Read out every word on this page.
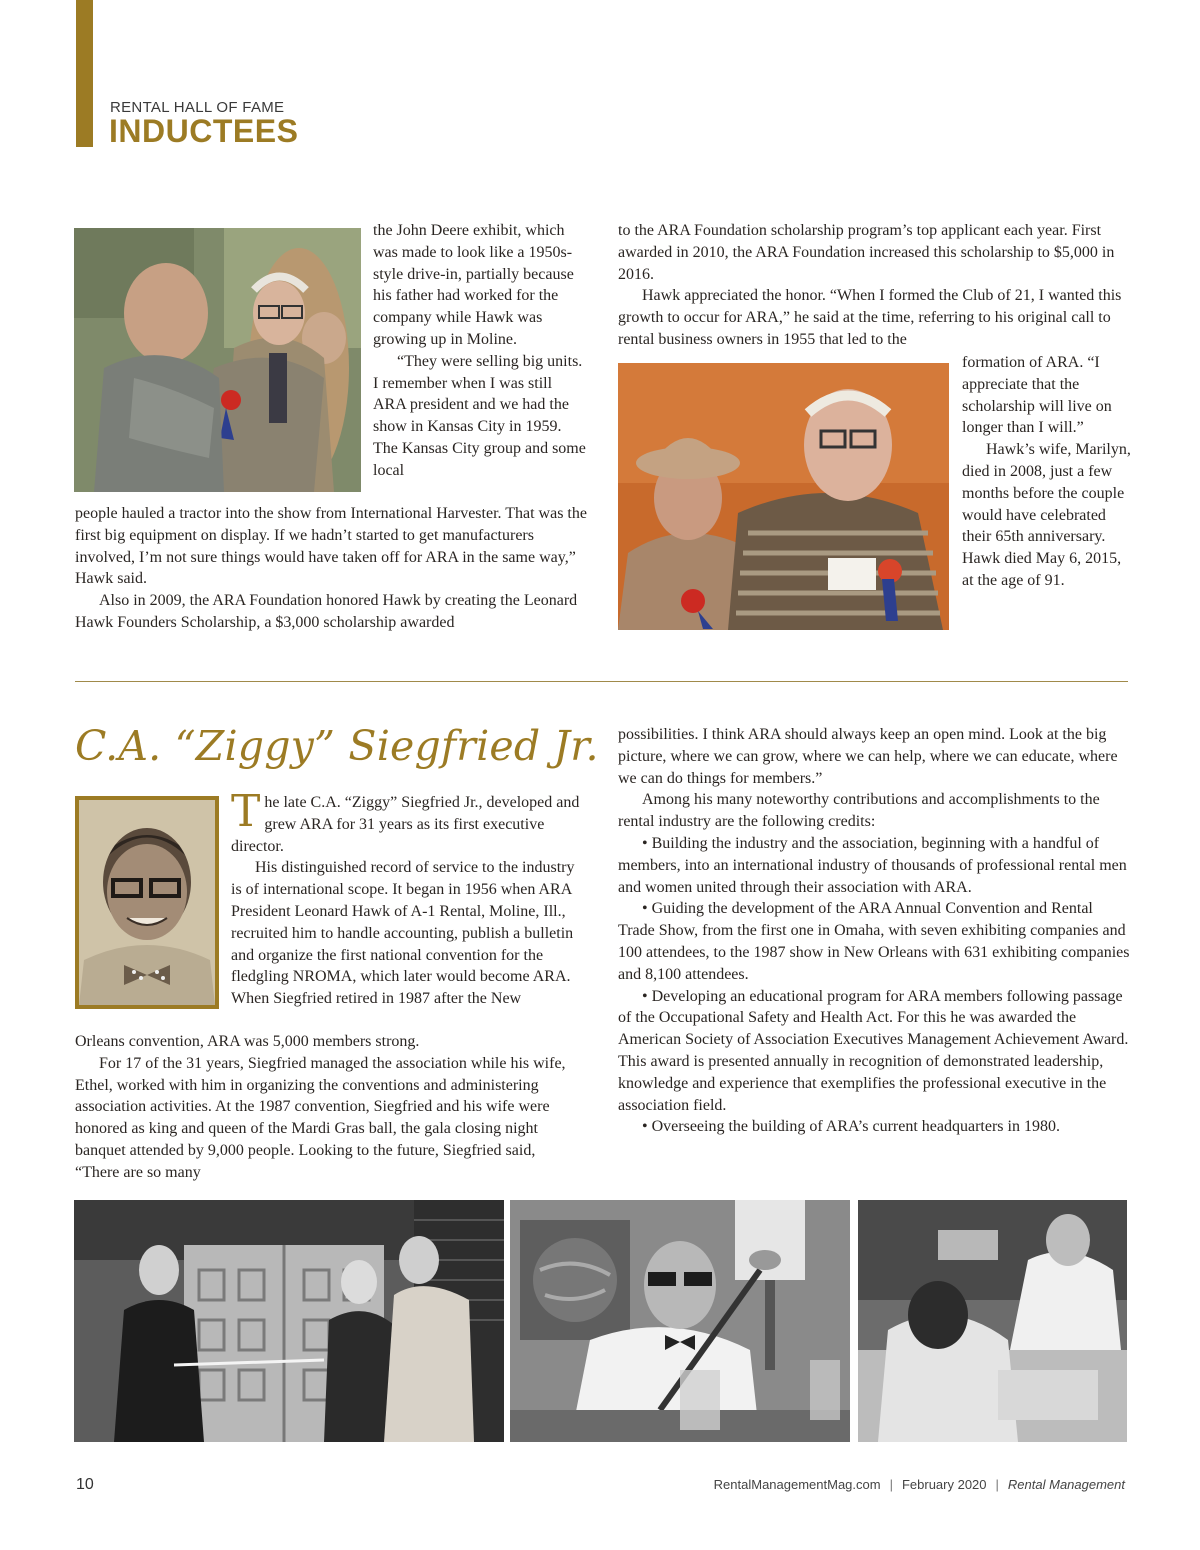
RENTAL HALL OF FAME
INDUCTEES

the John Deere exhibit, which was made to look like a 1950s-style drive-in, partially because his father had worked for the company while Hawk was growing up in Moline.

“They were selling big units. I remember when I was still ARA president and we had the show in Kansas City in 1959. The Kansas City group and some local

people hauled a tractor into the show from International Harvester. That was the first big equipment on display. If we hadn’t started to get manufacturers involved, I’m not sure things would have taken off for ARA in the same way,” Hawk said.

Also in 2009, the ARA Foundation honored Hawk by creating the Leonard Hawk Founders Scholarship, a $3,000 scholarship awarded

to the ARA Foundation scholarship program’s top applicant each year. First awarded in 2010, the ARA Foundation increased this scholarship to $5,000 in 2016.

Hawk appreciated the honor. “When I formed the Club of 21, I wanted this growth to occur for ARA,” he said at the time, referring to his original call to rental business owners in 1955 that led to the

formation of ARA. “I appreciate that the scholarship will live on longer than I will.”

Hawk’s wife, Marilyn, died in 2008, just a few months before the couple would have celebrated their 65th anniversary. Hawk died May 6, 2015, at the age of 91.

C.A. “Ziggy” Siegfried Jr.

The late C.A. “Ziggy” Siegfried Jr., developed and grew ARA for 31 years as its first executive director.

His distinguished record of service to the industry is of international scope. It began in 1956 when ARA President Leonard Hawk of A-1 Rental, Moline, Ill., recruited him to handle accounting, publish a bulletin and organize the first national convention for the fledgling NROMA, which later would become ARA. When Siegfried retired in 1987 after the New

Orleans convention, ARA was 5,000 members strong.

For 17 of the 31 years, Siegfried managed the association while his wife, Ethel, worked with him in organizing the conventions and administering association activities. At the 1987 convention, Siegfried and his wife were honored as king and queen of the Mardi Gras ball, the gala closing night banquet attended by 9,000 people. Looking to the future, Siegfried said, “There are so many

possibilities. I think ARA should always keep an open mind. Look at the big picture, where we can grow, where we can help, where we can educate, where we can do things for members.”

Among his many noteworthy contributions and accomplishments to the rental industry are the following credits:

• Building the industry and the association, beginning with a handful of members, into an international industry of thousands of professional rental men and women united through their association with ARA.

• Guiding the development of the ARA Annual Convention and Rental Trade Show, from the first one in Omaha, with seven exhibiting companies and 100 attendees, to the 1987 show in New Orleans with 631 exhibiting companies and 8,100 attendees.

• Developing an educational program for ARA members following passage of the Occupational Safety and Health Act. For this he was awarded the American Society of Association Executives Management Achievement Award. This award is presented annually in recognition of demonstrated leadership, knowledge and experience that exemplifies the professional executive in the association field.

• Overseeing the building of ARA’s current headquarters in 1980.

10	RentalManagementMag.com | February 2020 | Rental Management
